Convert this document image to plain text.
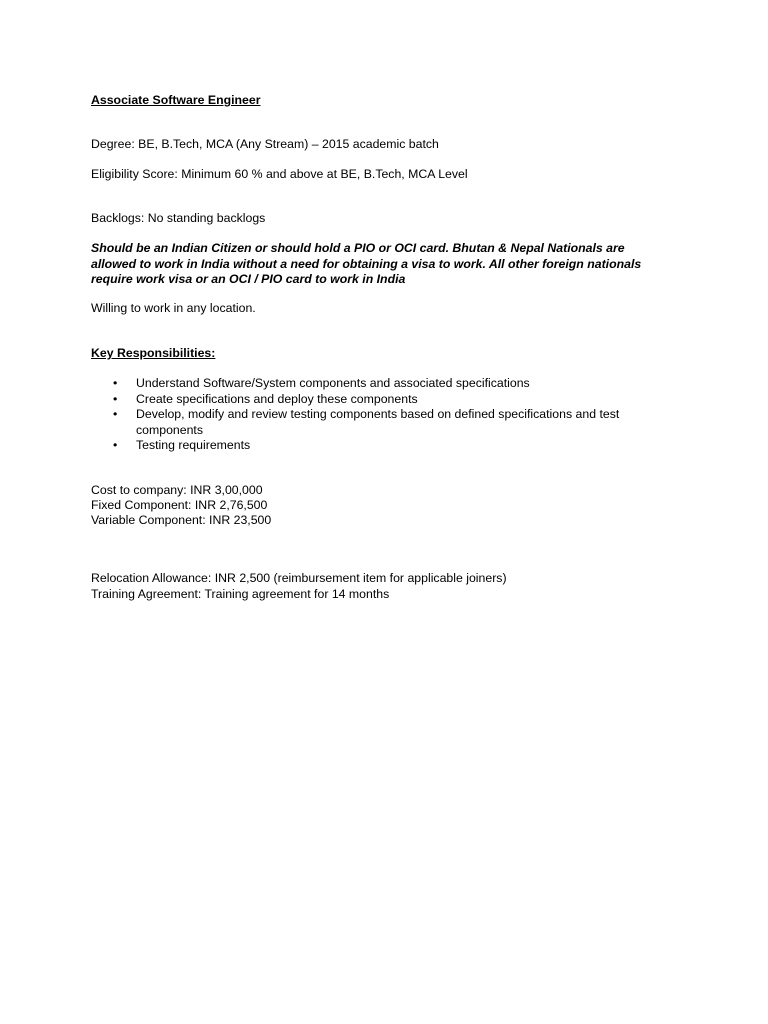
Associate Software Engineer
Degree: BE, B.Tech, MCA (Any Stream) – 2015 academic batch
Eligibility Score: Minimum 60 % and above at BE, B.Tech, MCA Level
Backlogs: No standing backlogs
Should be an Indian Citizen or should hold a PIO or OCI card. Bhutan & Nepal Nationals are
allowed to work in India without a need for obtaining a visa to work. All other foreign nationals
require work visa or an OCI / PIO card to work in India
Willing to work in any location.
Key Responsibilities:
• Understand Software/System components and associated specifications
• Create specifications and deploy these components
• Develop, modify and review testing components based on defined specifications and test
components
• Testing requirements
Cost to company: INR 3,00,000
Fixed Component: INR 2,76,500
Variable Component: INR 23,500
Relocation Allowance: INR 2,500 (reimbursement item for applicable joiners)
Training Agreement: Training agreement for 14 months
